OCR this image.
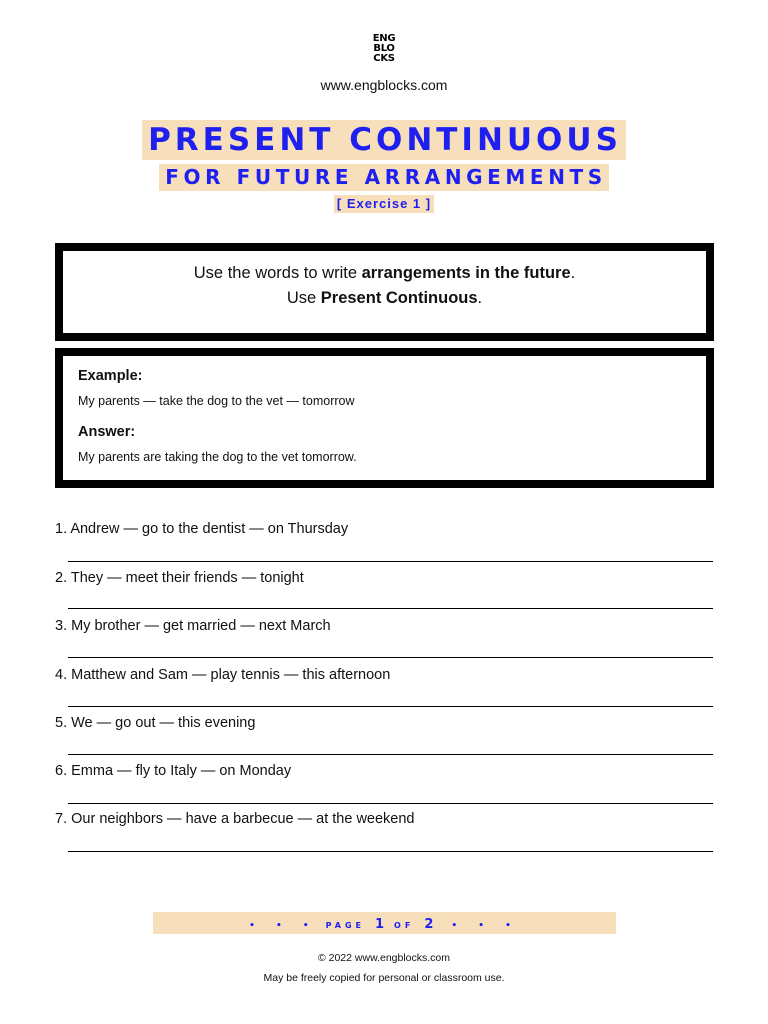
ENG
BLO
CKS
www.engblocks.com
PRESENT CONTINUOUS
FOR FUTURE ARRANGEMENTS
[ Exercise 1 ]
Use the words to write arrangements in the future.
Use Present Continuous.
Example:
My parents — take the dog to the vet — tomorrow
Answer:
My parents are taking the dog to the vet tomorrow.
1. Andrew — go to the dentist — on Thursday
2. They — meet their friends — tonight
3. My brother — get married — next March
4. Matthew and Sam — play tennis — this afternoon
5. We — go out — this evening
6. Emma — fly to Italy — on Monday
7. Our neighbors — have a barbecue — at the weekend
• • • PAGE 1 OF 2 • • •
© 2022 www.engblocks.com
May be freely copied for personal or classroom use.
